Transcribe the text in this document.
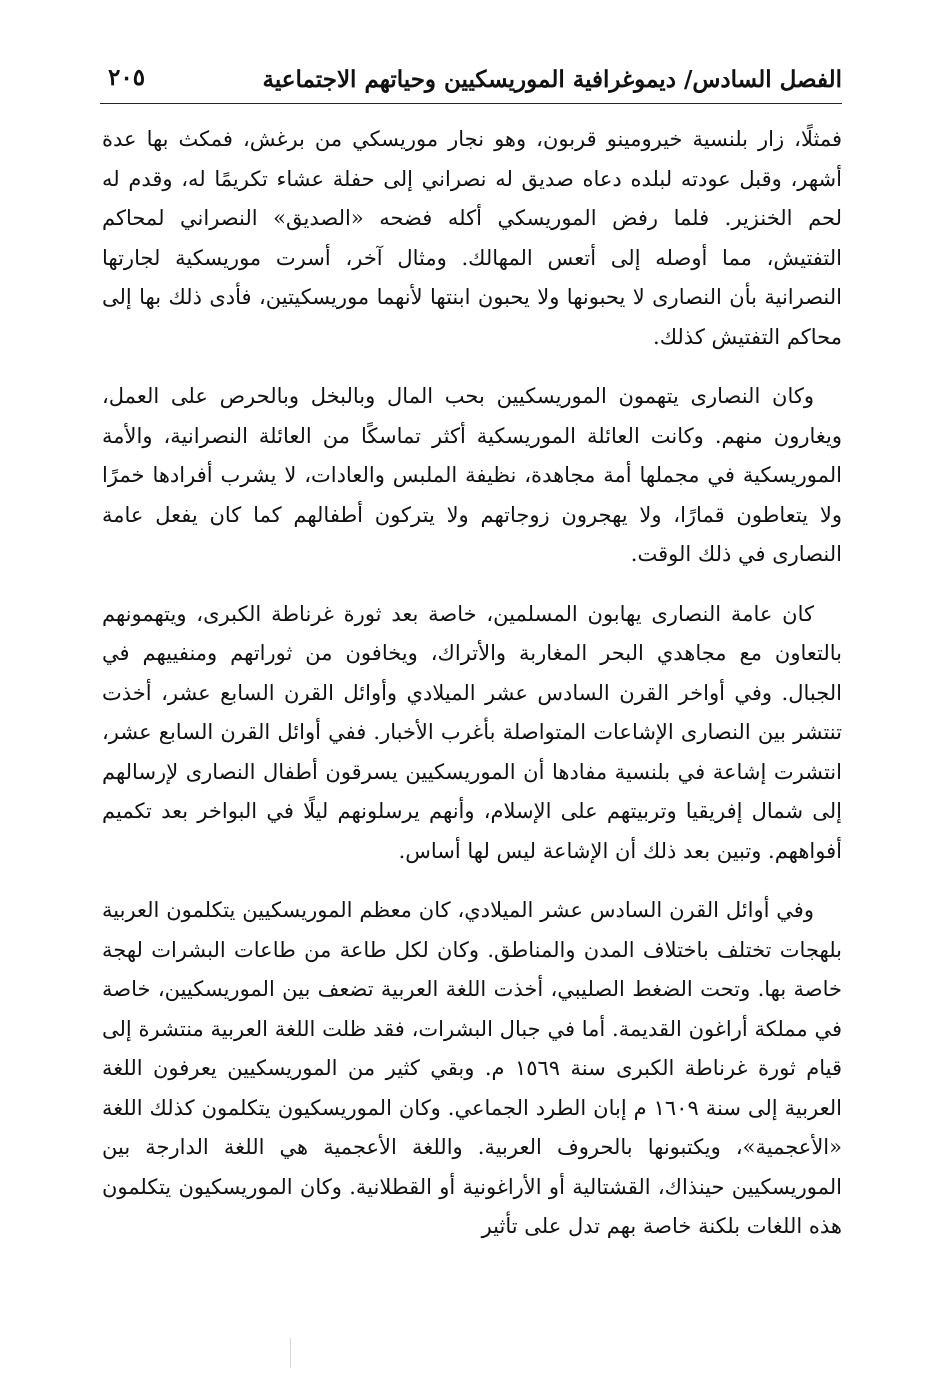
الفصل السادس/ ديموغرافية الموريسكيين وحياتهم الاجتماعية
٢٠٥

فمثلًا، زار بلنسية خيرومينو قربون، وهو نجار موريسكي من برغش، فمكث بها عدة أشهر، وقبل عودته لبلده دعاه صديق له نصراني إلى حفلة عشاء تكريمًا له، وقدم له لحم الخنزير. فلما رفض الموريسكي أكله فضحه «الصديق» النصراني لمحاكم التفتيش، مما أوصله إلى أتعس المهالك. ومثال آخر، أسرت موريسكية لجارتها النصرانية بأن النصارى لا يحبونها ولا يحبون ابنتها لأنهما موريسكيتين، فأدى ذلك بها إلى محاكم التفتيش كذلك.

وكان النصارى يتهمون الموريسكيين بحب المال وبالبخل وبالحرص على العمل، ويغارون منهم. وكانت العائلة الموريسكية أكثر تماسكًا من العائلة النصرانية، والأمة الموريسكية في مجملها أمة مجاهدة، نظيفة الملبس والعادات، لا يشرب أفرادها خمرًا ولا يتعاطون قمارًا، ولا يهجرون زوجاتهم ولا يتركون أطفالهم كما كان يفعل عامة النصارى في ذلك الوقت.

كان عامة النصارى يهابون المسلمين، خاصة بعد ثورة غرناطة الكبرى، ويتهمونهم بالتعاون مع مجاهدي البحر المغاربة والأتراك، ويخافون من ثوراتهم ومنفييهم في الجبال. وفي أواخر القرن السادس عشر الميلادي وأوائل القرن السابع عشر، أخذت تنتشر بين النصارى الإشاعات المتواصلة بأغرب الأخبار. ففي أوائل القرن السابع عشر، انتشرت إشاعة في بلنسية مفادها أن الموريسكيين يسرقون أطفال النصارى لإرسالهم إلى شمال إفريقيا وتربيتهم على الإسلام، وأنهم يرسلونهم ليلًا في البواخر بعد تكميم أفواههم. وتبين بعد ذلك أن الإشاعة ليس لها أساس.

وفي أوائل القرن السادس عشر الميلادي، كان معظم الموريسكيين يتكلمون العربية بلهجات تختلف باختلاف المدن والمناطق. وكان لكل طاعة من طاعات البشرات لهجة خاصة بها. وتحت الضغط الصليبي، أخذت اللغة العربية تضعف بين الموريسكيين، خاصة في مملكة أراغون القديمة. أما في جبال البشرات، فقد ظلت اللغة العربية منتشرة إلى قيام ثورة غرناطة الكبرى سنة ١٥٦٩ م. وبقي كثير من الموريسكيين يعرفون اللغة العربية إلى سنة ١٦٠٩ م إبان الطرد الجماعي. وكان الموريسكيون يتكلمون كذلك اللغة «الأعجمية»، ويكتبونها بالحروف العربية. واللغة الأعجمية هي اللغة الدارجة بين الموريسكيين حينذاك، القشتالية أو الأراغونية أو القطلانية. وكان الموريسكيون يتكلمون هذه اللغات بلكنة خاصة بهم تدل على تأثير
